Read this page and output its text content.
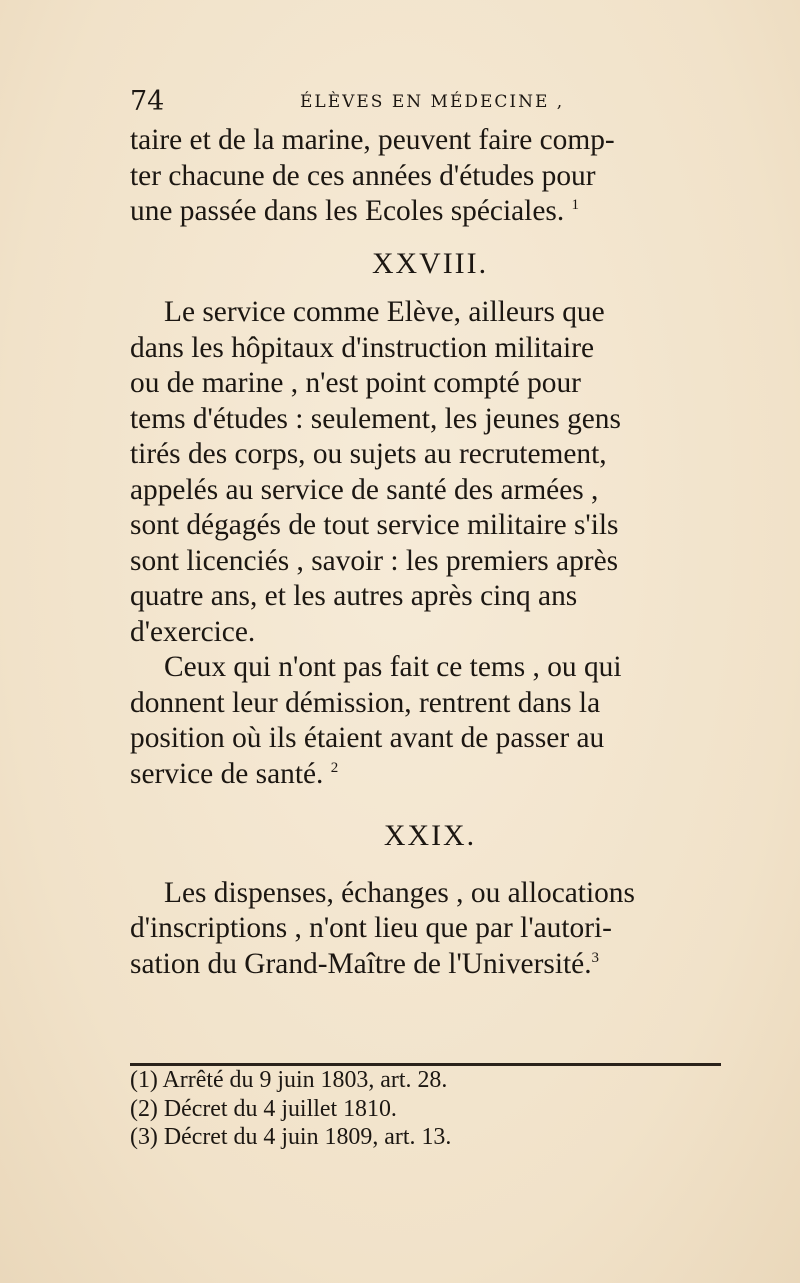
74	ÉLÈVES EN MÉDECINE ,
taire et de la marine, peuvent faire comp-
ter chacune de ces années d'études pour
une passée dans les Ecoles spéciales. $^1$
XXVIII.
Le service comme Elève, ailleurs que
dans les hôpitaux d'instruction militaire
ou de marine , n'est point compté pour
tems d'études : seulement, les jeunes gens
tirés des corps, ou sujets au recrutement,
appelés au service de santé des armées ,
sont dégagés de tout service militaire s'ils
sont licenciés , savoir : les premiers après
quatre ans, et les autres après cinq ans
d'exercice.
Ceux qui n'ont pas fait ce tems , ou qui
donnent leur démission, rentrent dans la
position où ils étaient avant de passer au
service de santé. $^2$
XXIX.
Les dispenses, échanges , ou allocations
d'inscriptions , n'ont lieu que par l'autori-
sation du Grand-Maître de l'Université.$^3$
(1) Arrêté du 9 juin 1803, art. 28.
(2) Décret du 4 juillet 1810.
(3) Décret du 4 juin 1809, art. 13.
